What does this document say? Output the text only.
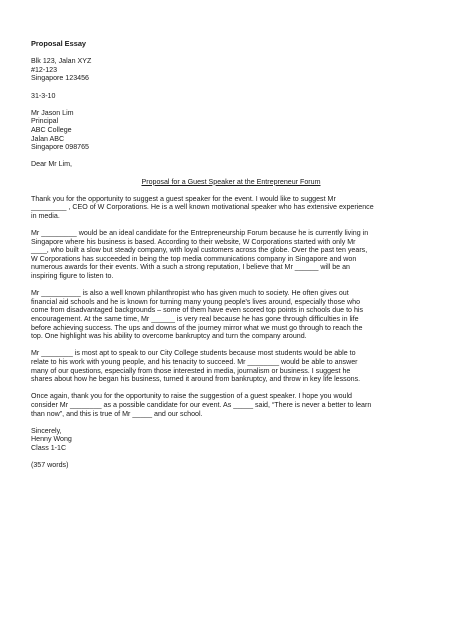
Proposal Essay
Blk 123, Jalan XYZ
#12-123
Singapore 123456
31-3-10
Mr Jason Lim
Principal
ABC College
Jalan ABC
Singapore 098765
Dear Mr Lim,
Proposal for a Guest Speaker at the Entrepreneur Forum

Thank you for the opportunity to suggest a guest speaker for the event. I would like to suggest Mr
_________ , CEO of W Corporations. He is a well known motivational speaker who has extensive experience
in media.

Mr _________ would be an ideal candidate for the Entrepreneurship Forum because he is currently living in
Singapore where his business is based. According to their website, W Corporations started with only Mr
____, who built a slow but steady company, with loyal customers across the globe. Over the past ten years,
W Corporations has succeeded in being the top media communications company in Singapore and won
numerous awards for their events. With a such a strong reputation, I believe that Mr ______ will be an
inspiring figure to listen to.

Mr __________ is also a well known philanthropist who has given much to society. He often gives out
financial aid schools and he is known for turning many young people's lives around, especially those who
come from disadvantaged backgrounds – some of them have even scored top points in schools due to his
encouragement. At the same time, Mr ______ is very real because he has gone through difficulties in life
before achieving success. The ups and downs of the journey mirror what we must go through to reach the
top. One highlight was his ability to overcome bankruptcy and turn the company around.

Mr ________ is most apt to speak to our City College students because most students would be able to
relate to his work with young people, and his tenacity to succeed. Mr ________ would be able to answer
many of our questions, especially from those interested in media, journalism or business. I suggest he
shares about how he began his business, turned it around from bankruptcy, and throw in key life lessons.

Once again, thank you for the opportunity to raise the suggestion of a guest speaker. I hope you would
consider Mr ________ as a possible candidate for our event. As _____ said, “There is never a better to learn
than now”, and this is true of Mr _____ and our school.

Sincerely,
Henny Wong
Class 1-1C
(357 words)
